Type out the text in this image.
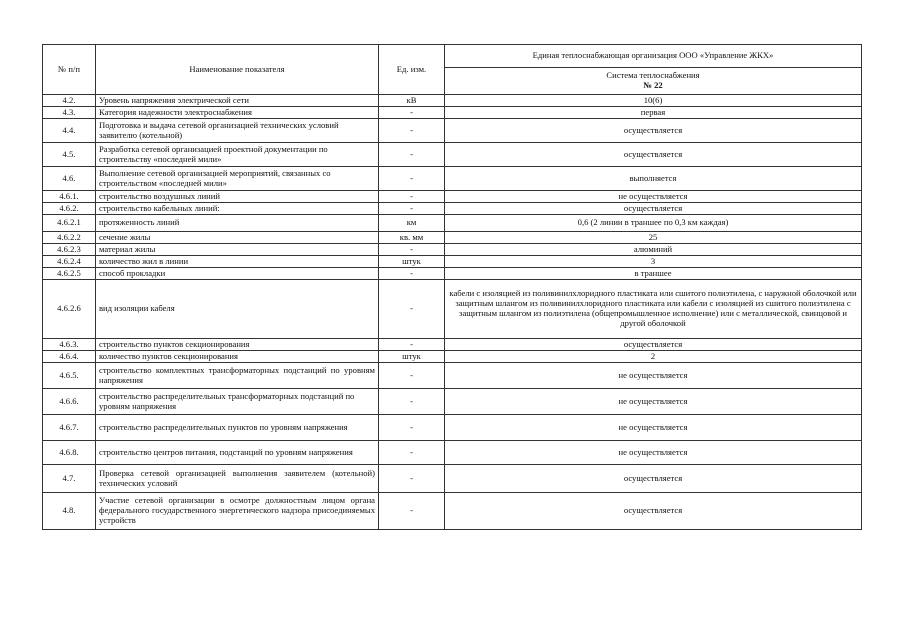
№ п/п	Наименование показателя	Ед. изм.	Единая теплоснабжающая организация ООО «Управление ЖКХ»

			Система теплоснабжения
№ 22

4.2.	Уровень напряжения электрической сети	кВ	10(6)
4.3.	Категория надежности электроснабжения	-	первая
4.4.	Подготовка и выдача сетевой организацией технических условий заявителю (котельной)	-	осуществляется
4.5.	Разработка сетевой организацией проектной документации по строительству «последней мили»	-	осуществляется
4.6.	Выполнение сетевой организацией мероприятий, связанных со строительством «последней мили»	-	выполняется
4.6.1.	строительство воздушных линий	-	не осуществляется
4.6.2.	строительство кабельных линий:	-	осуществляется
4.6.2.1	протяженность линий	км	0,6 (2 линии в траншее по 0,3 км каждая)
4.6.2.2	сечение жилы	кв. мм	25
4.6.2.3	материал жилы	-	алюминий
4.6.2.4	количество жил в линии	штук	3
4.6.2.5	способ прокладки	-	в траншее
4.6.2.6	вид изоляции кабеля	-	кабели с изоляцией из поливинилхлоридного пластиката или сшитого полиэтилена, с наружной оболочкой или защитным шлангом из поливинилхлоридного пластиката или кабели с изоляцией из сшитого полиэтилена с защитным шлангом из полиэтилена (общепромышленное исполнение) или с металлической, свинцовой и другой оболочкой
4.6.3.	строительство пунктов секционирования	-	осуществляется
4.6.4.	количество пунктов секционирования	штук	2
4.6.5.	строительство комплектных трансформаторных подстанций по уровням напряжения	-	не осуществляется
4.6.6.	строительство распределительных трансформаторных подстанций по уровням напряжения	-	не осуществляется
4.6.7.	строительство распределительных пунктов по уровням напряжения	-	не осуществляется
4.6.8.	строительство центров питания, подстанций по уровням напряжения	-	не осуществляется
4.7.	Проверка сетевой организацией выполнения заявителем (котельной) технических условий	-	осуществляется
4.8.	Участие сетевой организации в осмотре должностным лицом органа федерального государственного энергетического надзора присоединяемых устройств	-	осуществляется
